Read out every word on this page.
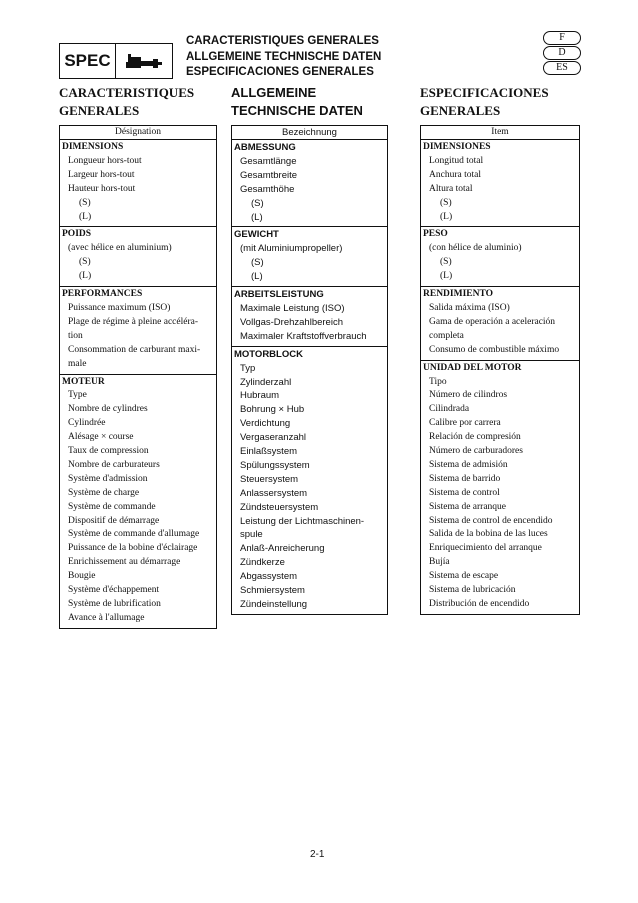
SPEC
CARACTERISTIQUES GENERALES
ALLGEMEINE TECHNISCHE DATEN
ESPECIFICACIONES GENERALES
F
D
ES
CARACTERISTIQUES
GENERALES
ALLGEMEINE
TECHNISCHE DATEN
ESPECIFICACIONES
GENERALES
Désignation
DIMENSIONS
Longueur hors-tout
Largeur hors-tout
Hauteur hors-tout
(S)
(L)
POIDS
(avec hélice en aluminium)
(S)
(L)
PERFORMANCES
Puissance maximum (ISO)
Plage de régime à pleine accéléra-
tion
Consommation de carburant maxi-
male
MOTEUR
Type
Nombre de cylindres
Cylindrée
Alésage × course
Taux de compression
Nombre de carburateurs
Système d'admission
Système de charge
Système de commande
Dispositif de démarrage
Système de commande d'allumage
Puissance de la bobine d'éclairage
Enrichissement au démarrage
Bougie
Système d'échappement
Système de lubrification
Avance à l'allumage
Bezeichnung
ABMESSUNG
Gesamtlänge
Gesamtbreite
Gesamthöhe
(S)
(L)
GEWICHT
(mit Aluminiumpropeller)
(S)
(L)
ARBEITSLEISTUNG
Maximale Leistung (ISO)
Vollgas-Drehzahlbereich
Maximaler Kraftstoffverbrauch
MOTORBLOCK
Typ
Zylinderzahl
Hubraum
Bohrung × Hub
Verdichtung
Vergaseranzahl
Einlaßsystem
Spülungssystem
Steuersystem
Anlassersystem
Zündsteuersystem
Leistung der Lichtmaschinen-
spule
Anlaß-Anreicherung
Zündkerze
Abgassystem
Schmiersystem
Zündeinstellung
Item
DIMENSIONES
Longitud total
Anchura total
Altura total
(S)
(L)
PESO
(con hélice de aluminio)
(S)
(L)
RENDIMIENTO
Salida máxima (ISO)
Gama de operación a aceleración
completa
Consumo de combustible máximo
UNIDAD DEL MOTOR
Tipo
Número de cilindros
Cilindrada
Calibre por carrera
Relación de compresión
Número de carburadores
Sistema de admisión
Sistema de barrido
Sistema de control
Sistema de arranque
Sistema de control de encendido
Salida de la bobina de las luces
Enriquecimiento del arranque
Bujía
Sistema de escape
Sistema de lubricación
Distribución de encendido
2-1
